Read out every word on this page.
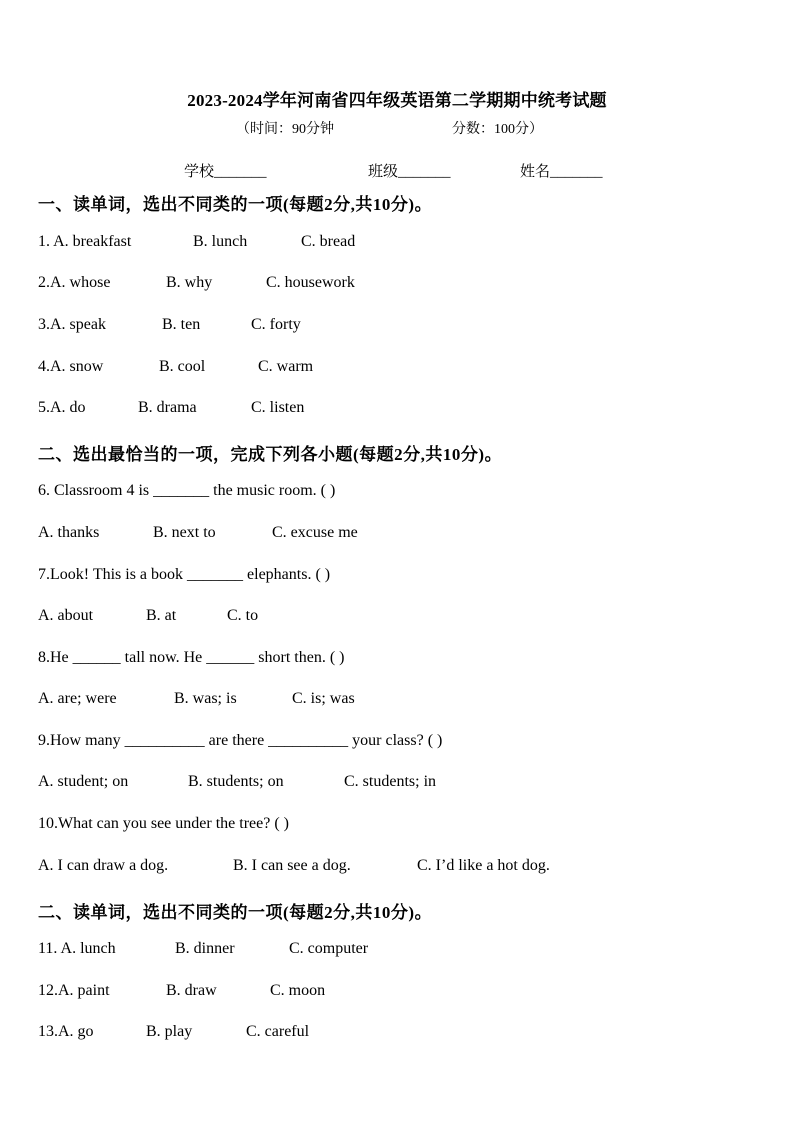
2023-2024学年河南省四年级英语第二学期期中统考试题
（时间：90分钟	分数：100分）
学校_______	班级_______	姓名_______
一、读单词，选出不同类的一项(每题2分,共10分)。
1. A. breakfast	B. lunch	C. bread
2.A. whose	B. why	C. housework
3.A. speak	B. ten	C. forty
4.A. snow	B. cool	C. warm
5.A. do	B. drama	C. listen
二、选出最恰当的一项，完成下列各小题(每题2分,共10分)。
6. Classroom 4 is _______ the music room. ( )
A. thanks	B. next to	C. excuse me
7.Look! This is a book _______ elephants. ( )
A. about	B. at	C. to
8.He ______ tall now. He ______ short then. ( )
A. are; were	B. was; is	C. is; was
9.How many __________ are there __________ your class? ( )
A. student; on	B. students; on	C. students; in
10.What can you see under the tree? ( )
A. I can draw a dog.	B. I can see a dog.	C. I’d like a hot dog.
二、读单词，选出不同类的一项(每题2分,共10分)。
11. A. lunch	B. dinner	C. computer
12.A. paint	B. draw	C. moon
13.A. go	B. play	C. careful
